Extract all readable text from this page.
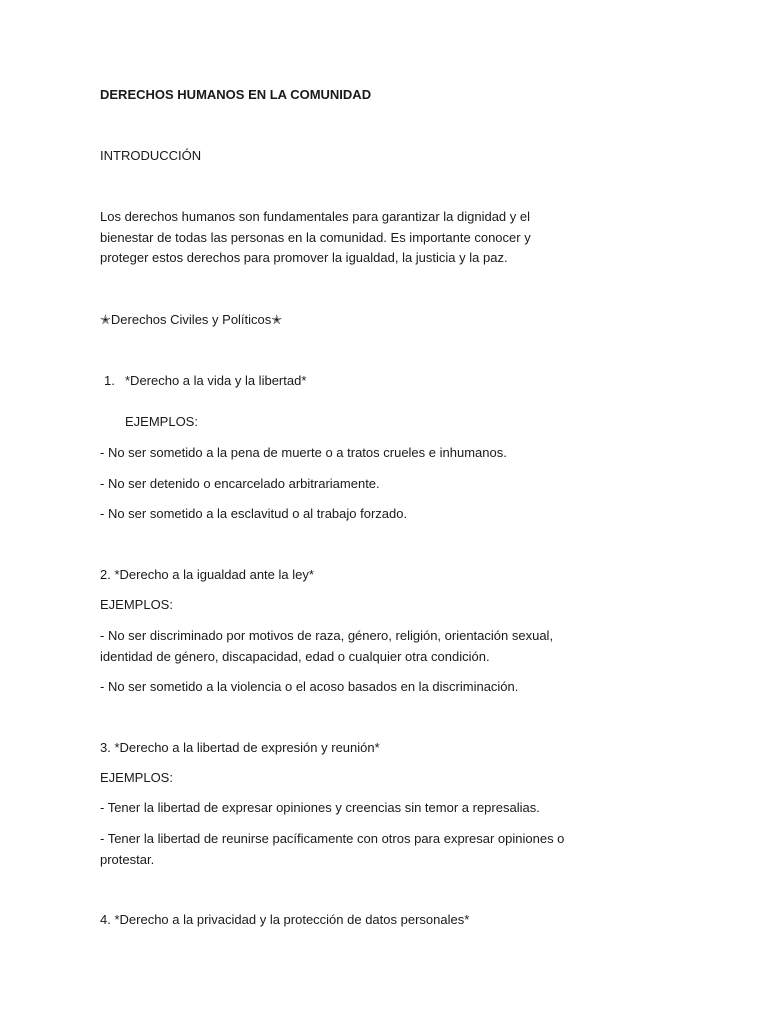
DERECHOS HUMANOS EN LA COMUNIDAD

INTRODUCCIÓN

Los derechos humanos son fundamentales para garantizar la dignidad y el bienestar de todas las personas en la comunidad. Es importante conocer y proteger estos derechos para promover la igualdad, la justicia y la paz.

✭Derechos Civiles y Políticos✭

1. *Derecho a la vida y la libertad*

EJEMPLOS:

- No ser sometido a la pena de muerte o a tratos crueles e inhumanos.

- No ser detenido o encarcelado arbitrariamente.

- No ser sometido a la esclavitud o al trabajo forzado.

2. *Derecho a la igualdad ante la ley*

EJEMPLOS:

- No ser discriminado por motivos de raza, género, religión, orientación sexual, identidad de género, discapacidad, edad o cualquier otra condición.

- No ser sometido a la violencia o el acoso basados en la discriminación.

3. *Derecho a la libertad de expresión y reunión*

EJEMPLOS:

- Tener la libertad de expresar opiniones y creencias sin temor a represalias.

- Tener la libertad de reunirse pacíficamente con otros para expresar opiniones o protestar.

4. *Derecho a la privacidad y la protección de datos personales*
